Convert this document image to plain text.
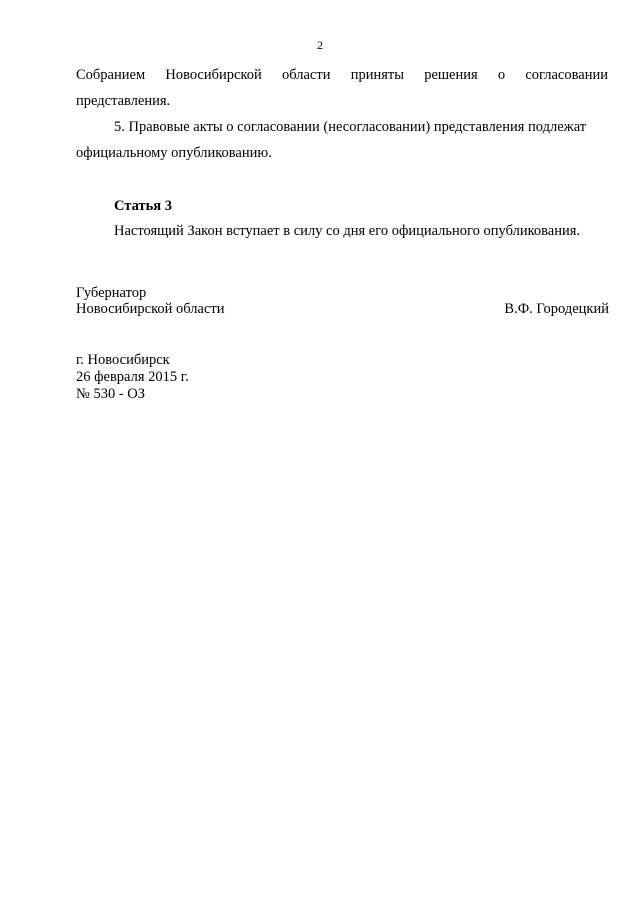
2
Собранием Новосибирской области приняты решения о согласовании
представления.
5. Правовые акты о согласовании (несогласовании) представления подлежат
официальному опубликованию.
Статья 3
Настоящий Закон вступает в силу со дня его официального опубликования.
Губернатор
Новосибирской области	В.Ф. Городецкий
г. Новосибирск
26 февраля 2015 г.
№ 530 - ОЗ
